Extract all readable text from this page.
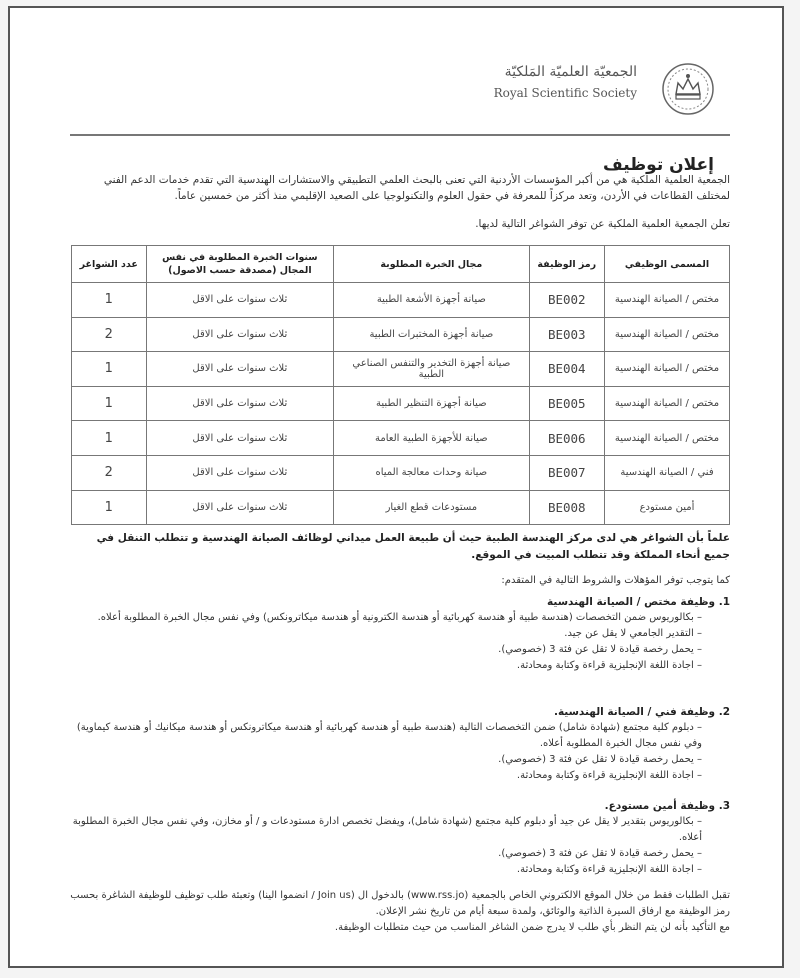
الجمعيّة العلميّة المَلكيّة
Royal Scientific Society
إعلان توظيف
الجمعية العلمية الملكية هي من أكبر المؤسسات الأردنية التي تعنى بالبحث العلمي التطبيقي والاستشارات الهندسية التي تقدم خدمات الدعم الفني لمختلف القطاعات في الأردن، وتعد مركزاً للمعرفة في حقول العلوم والتكنولوجيا على الصعيد الإقليمي منذ أكثر من خمسين عاماً.
تعلن الجمعية العلمية الملكية عن توفر الشواغر التالية لديها.
المسمى الوظيفي	رمز الوظيفة	مجال الخبرة المطلوبة	سنوات الخبرة المطلوبة في نفس المجال (مصدقة حسب الاصول)	عدد الشواغر
مختص / الصيانة الهندسية	BE002	صيانة أجهزة الأشعة الطبية	ثلاث سنوات على الاقل	1
مختص / الصيانة الهندسية	BE003	صيانة أجهزة المختبرات الطبية	ثلاث سنوات على الاقل	2
مختص / الصيانة الهندسية	BE004	صيانة أجهزة التخدير والتنفس الصناعي الطبية	ثلاث سنوات على الاقل	1
مختص / الصيانة الهندسية	BE005	صيانة أجهزة التنظير الطبية	ثلاث سنوات على الاقل	1
مختص / الصيانة الهندسية	BE006	صيانة للأجهزة الطبية العامة	ثلاث سنوات على الاقل	1
فني / الصيانة الهندسية	BE007	صيانة وحدات معالجة المياه	ثلاث سنوات على الاقل	2
أمين مستودع	BE008	مستودعات قطع الغيار	ثلاث سنوات على الاقل	1
علماً بأن الشواغر هي لدى مركز الهندسة الطبية حيث أن طبيعة العمل ميداني لوظائف الصيانة الهندسية و تتطلب التنقل في جميع أنحاء المملكة وقد تتطلب المبيت في الموقع.
كما يتوجب توفر المؤهلات والشروط التالية في المتقدم:
1. وظيفة مختص / الصيانة الهندسية
– بكالوريوس ضمن التخصصات (هندسة طبية أو هندسة كهربائية أو هندسة الكترونية أو هندسة ميكاترونكس) وفي نفس مجال الخبرة المطلوبة أعلاه.
– التقدير الجامعي لا يقل عن جيد.
– يحمل رخصة قيادة لا تقل عن فئة 3 (خصوصي).
– اجادة اللغة الإنجليزية قراءة وكتابة ومحادثة.
2. وظيفة فني / الصيانة الهندسية.
– دبلوم كلية مجتمع (شهادة شامل) ضمن التخصصات التالية (هندسة طبية أو هندسة كهربائية أو هندسة ميكاترونكس أو هندسة ميكانيك أو هندسة كيماوية) وفي نفس مجال الخبرة المطلوبة أعلاه.
– يحمل رخصة قيادة لا تقل عن فئة 3 (خصوصي).
– اجادة اللغة الإنجليزية قراءة وكتابة ومحادثة.
3. وظيفة أمين مستودع.
– بكالوريوس بتقدير لا يقل عن جيد أو دبلوم كلية مجتمع (شهادة شامل)، ويفضل تخصص ادارة مستودعات و / أو مخازن، وفي نفس مجال الخبرة المطلوبة أعلاه.
– يحمل رخصة قيادة لا تقل عن فئة 3 (خصوصي).
– اجادة اللغة الإنجليزية قراءة وكتابة ومحادثة.
تقبل الطلبات فقط من خلال الموقع الالكتروني الخاص بالجمعية (www.rss.jo) بالدخول ال (Join us / انضموا الينا) وتعبئة طلب توظيف للوظيفة الشاغرة بحسب رمز الوظيفة مع ارفاق السيرة الذاتية والوثائق، ولمدة سبعة أيام من تاريخ نشر الإعلان.
مع التأكيد بأنه لن يتم النظر بأي طلب لا يدرج ضمن الشاغر المناسب من حيث متطلبات الوظيفة.
